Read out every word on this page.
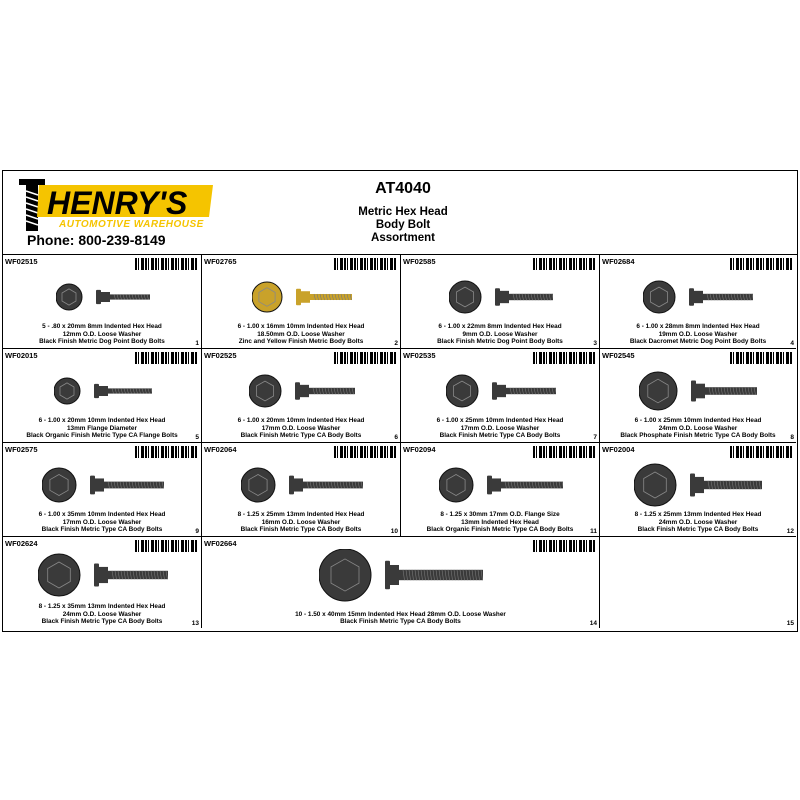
HENRY'S
AUTOMOTIVE WAREHOUSE
Phone: 800-239-8149
AT4040
Metric Hex Head
Body Bolt
Assortment
WF02515
5 - .80 x 20mm 8mm Indented Hex Head
12mm O.D. Loose Washer
Black Finish Metric Dog Point Body Bolts	1
WF02765
6 - 1.00 x 16mm 10mm Indented Hex Head
18.50mm O.D. Loose Washer
Zinc and Yellow Finish Metric Body Bolts	2
WF02585
6 - 1.00 x 22mm 8mm Indented Hex Head
9mm O.D. Loose Washer
Black Finish Metric Dog Point Body Bolts	3
WF02684
6 - 1.00 x 28mm 8mm Indented Hex Head
19mm O.D. Loose Washer
Black Dacromet Metric Dog Point Body Bolts	4
WF02015
6 - 1.00 x 20mm 10mm Indented Hex Head
13mm Flange Diameter
Black Organic Finish Metric Type CA Flange Bolts	5
WF02525
6 - 1.00 x 20mm 10mm Indented Hex Head
17mm O.D. Loose Washer
Black Finish Metric Type CA Body Bolts	6
WF02535
6 - 1.00 x 25mm 10mm Indented Hex Head
17mm O.D. Loose Washer
Black Finish Metric Type CA Body Bolts	7
WF02545
6 - 1.00 x 25mm 10mm Indented Hex Head
24mm O.D. Loose Washer
Black Phosphate Finish Metric Type CA Body Bolts	8
WF02575
6 - 1.00 x 35mm 10mm Indented Hex Head
17mm O.D. Loose Washer
Black Finish Metric Type CA Body Bolts	9
WF02064
8 - 1.25 x 25mm 13mm Indented Hex Head
16mm O.D. Loose Washer
Black Finish Metric Type CA Body Bolts	10
WF02094
8 - 1.25 x 30mm 17mm O.D. Flange Size
13mm Indented Hex Head
Black Organic Finish Metric Type CA Body Bolts	11
WF02004
8 - 1.25 x 25mm 13mm Indented Hex Head
24mm O.D. Loose Washer
Black Finish Metric Type CA Body Bolts	12
WF02624
8 - 1.25 x 35mm 13mm Indented Hex Head
24mm O.D. Loose Washer
Black Finish Metric Type CA Body Bolts	13
WF02664
10 - 1.50 x 40mm 15mm Indented Hex Head 28mm O.D. Loose Washer
Black Finish Metric Type CA Body Bolts	14	15
